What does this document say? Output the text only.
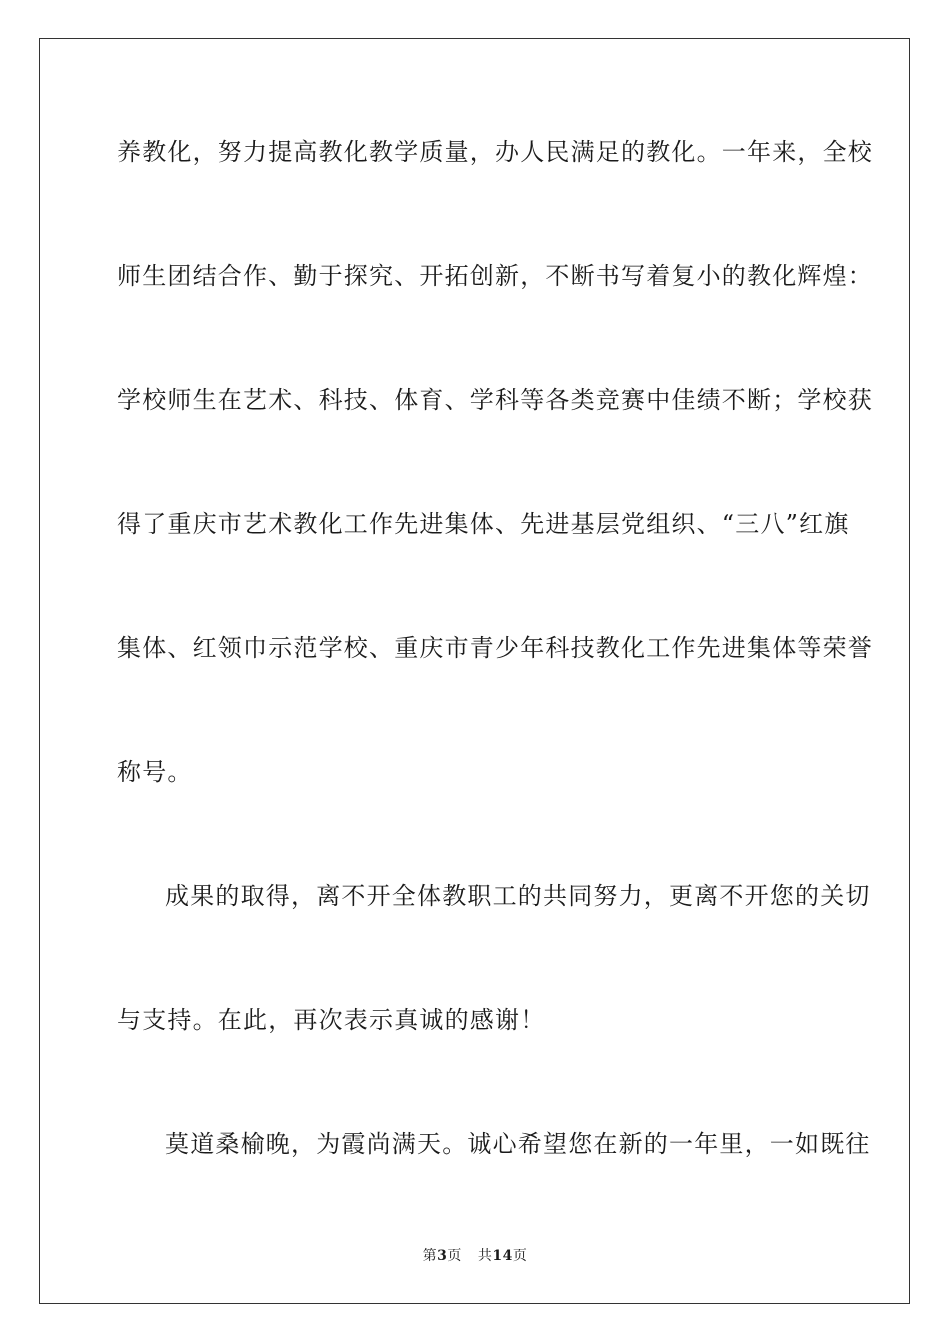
养教化，努力提高教化教学质量，办人民满足的教化。一年来，全校
师生团结合作、勤于探究、开拓创新，不断书写着复小的教化辉煌：
学校师生在艺术、科技、体育、学科等各类竞赛中佳绩不断；学校获
得了重庆市艺术教化工作先进集体、先进基层党组织、“三八”红旗
集体、红领巾示范学校、重庆市青少年科技教化工作先进集体等荣誉
称号。
成果的取得，离不开全体教职工的共同努力，更离不开您的关切
与支持。在此，再次表示真诚的感谢！
莫道桑榆晚，为霞尚满天。诚心希望您在新的一年里，一如既往
第3页 共14页
